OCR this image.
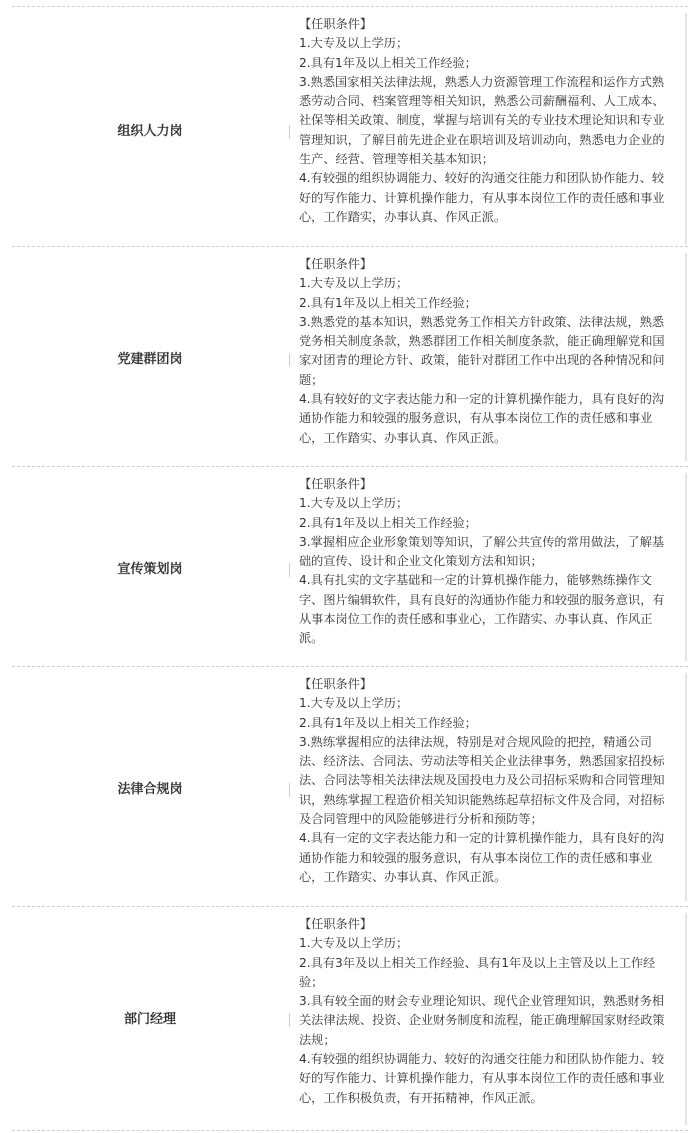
组织人力岗
【任职条件】
1.大专及以上学历；
2.具有1年及以上相关工作经验；
3.熟悉国家相关法律法规，熟悉人力资源管理工作流程和运作方式熟
悉劳动合同、档案管理等相关知识，熟悉公司薪酬福利、人工成本、
社保等相关政策、制度，掌握与培训有关的专业技术理论知识和专业
管理知识，了解目前先进企业在职培训及培训动向，熟悉电力企业的
生产、经营、管理等相关基本知识；
4.有较强的组织协调能力、较好的沟通交往能力和团队协作能力、较
好的写作能力、计算机操作能力，有从事本岗位工作的责任感和事业
心，工作踏实，办事认真、作风正派。
党建群团岗
【任职条件】
1.大专及以上学历；
2.具有1年及以上相关工作经验；
3.熟悉党的基本知识，熟悉党务工作相关方针政策、法律法规，熟悉
党务相关制度条款，熟悉群团工作相关制度条款，能正确理解党和国
家对团青的理论方针、政策，能针对群团工作中出现的各种情况和问
题；
4.具有较好的文字表达能力和一定的计算机操作能力，具有良好的沟
通协作能力和较强的服务意识，有从事本岗位工作的责任感和事业
心，工作踏实、办事认真、作风正派。
宣传策划岗
【任职条件】
1.大专及以上学历；
2.具有1年及以上相关工作经验；
3.掌握相应企业形象策划等知识，了解公共宣传的常用做法，了解基
础的宣传、设计和企业文化策划方法和知识；
4.具有扎实的文字基础和一定的计算机操作能力，能够熟练操作文
字、图片编辑软件，具有良好的沟通协作能力和较强的服务意识，有
从事本岗位工作的责任感和事业心，工作踏实、办事认真、作风正
派。
法律合规岗
【任职条件】
1.大专及以上学历；
2.具有1年及以上相关工作经验；
3.熟练掌握相应的法律法规，特别是对合规风险的把控，精通公司
法、经济法、合同法、劳动法等相关企业法律事务，熟悉国家招投标
法、合同法等相关法律法规及国投电力及公司招标采购和合同管理知
识，熟练掌握工程造价相关知识能熟练起草招标文件及合同，对招标
及合同管理中的风险能够进行分析和预防等；
4.具有一定的文字表达能力和一定的计算机操作能力，具有良好的沟
通协作能力和较强的服务意识，有从事本岗位工作的责任感和事业
心，工作踏实、办事认真、作风正派。
部门经理
【任职条件】
1.大专及以上学历；
2.具有3年及以上相关工作经验、具有1年及以上主管及以上工作经
验；
3.具有较全面的财会专业理论知识、现代企业管理知识，熟悉财务相
关法律法规、投资、企业财务制度和流程，能正确理解国家财经政策
法规；
4.有较强的组织协调能力、较好的沟通交往能力和团队协作能力、较
好的写作能力、计算机操作能力，有从事本岗位工作的责任感和事业
心，工作积极负责，有开拓精神，作风正派。
